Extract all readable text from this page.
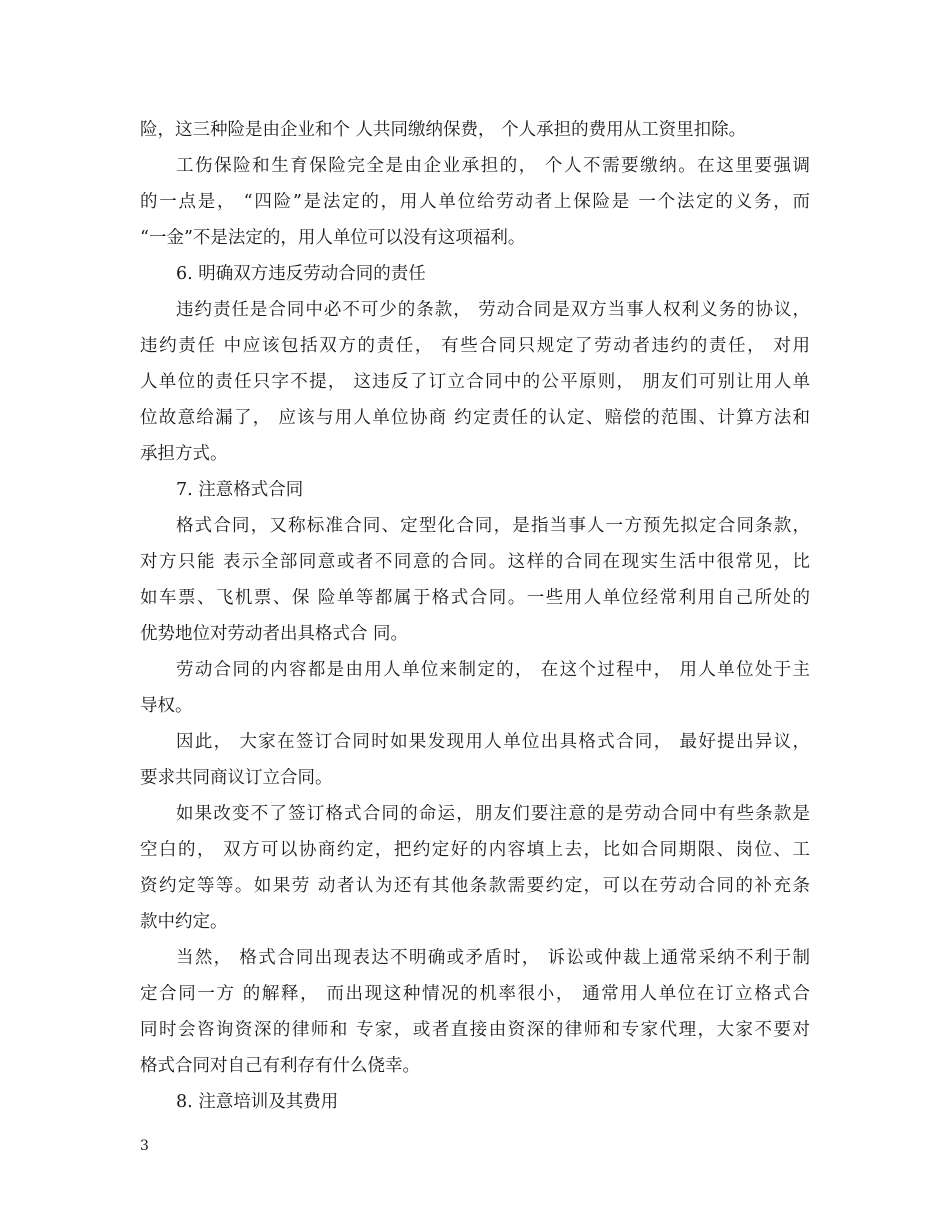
险，这三种险是由企业和个 人共同缴纳保费， 个人承担的费用从工资里扣除。
工伤保险和生育保险完全是由企业承担的， 个人不需要缴纳。在这里要强调
的一点是， “四险”是法定的，用人单位给劳动者上保险是 一个法定的义务，而
“一金”不是法定的，用人单位可以没有这项福利。
6. 明确双方违反劳动合同的责任
违约责任是合同中必不可少的条款， 劳动合同是双方当事人权利义务的协议，
违约责任 中应该包括双方的责任， 有些合同只规定了劳动者违约的责任， 对用
人单位的责任只字不提， 这违反了订立合同中的公平原则， 朋友们可别让用人单
位故意给漏了， 应该与用人单位协商 约定责任的认定、赔偿的范围、计算方法和
承担方式。
7. 注意格式合同
格式合同，又称标准合同、定型化合同，是指当事人一方预先拟定合同条款，
对方只能 表示全部同意或者不同意的合同。这样的合同在现实生活中很常见，比
如车票、飞机票、保 险单等都属于格式合同。一些用人单位经常利用自己所处的
优势地位对劳动者出具格式合 同。
劳动合同的内容都是由用人单位来制定的， 在这个过程中， 用人单位处于主
导权。
因此， 大家在签订合同时如果发现用人单位出具格式合同， 最好提出异议，
要求共同商议订立合同。
如果改变不了签订格式合同的命运，朋友们要注意的是劳动合同中有些条款是
空白的， 双方可以协商约定，把约定好的内容填上去，比如合同期限、岗位、工
资约定等等。如果劳 动者认为还有其他条款需要约定，可以在劳动合同的补充条
款中约定。
当然， 格式合同出现表达不明确或矛盾时， 诉讼或仲裁上通常采纳不利于制
定合同一方 的解释， 而出现这种情况的机率很小， 通常用人单位在订立格式合
同时会咨询资深的律师和 专家，或者直接由资深的律师和专家代理，大家不要对
格式合同对自己有利存有什么侥幸。
8. 注意培训及其费用
3
